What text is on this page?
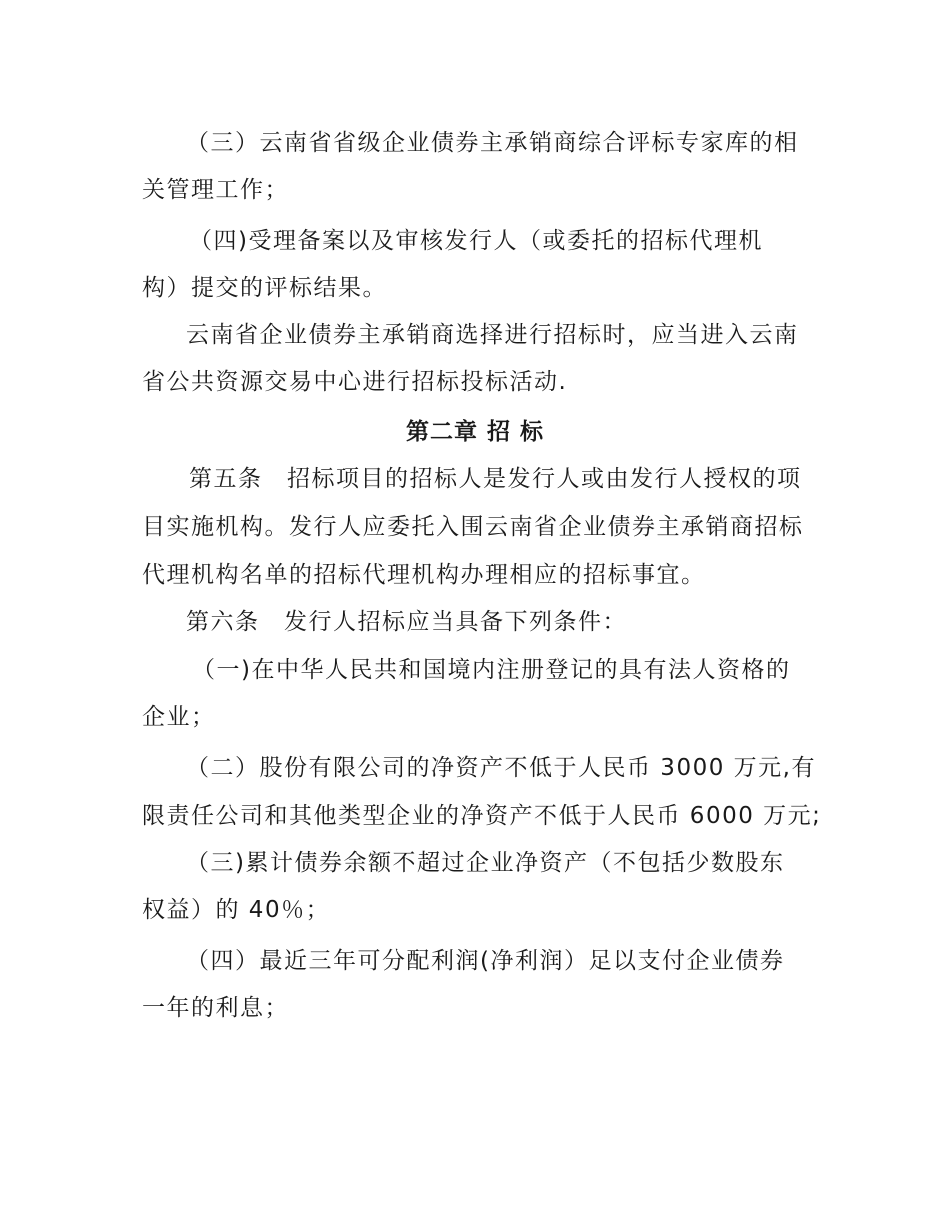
（三）云南省省级企业债券主承销商综合评标专家库的相
关管理工作；
（四)受理备案以及审核发行人（或委托的招标代理机
构）提交的评标结果。
云南省企业债券主承销商选择进行招标时，应当进入云南
省公共资源交易中心进行招标投标活动.
第二章 招 标
第五条　招标项目的招标人是发行人或由发行人授权的项
目实施机构。发行人应委托入围云南省企业债券主承销商招标
代理机构名单的招标代理机构办理相应的招标事宜。
第六条　发行人招标应当具备下列条件：
（一)在中华人民共和国境内注册登记的具有法人资格的
企业；
（二）股份有限公司的净资产不低于人民币 3000 万元,有
限责任公司和其他类型企业的净资产不低于人民币 6000 万元;
（三)累计债券余额不超过企业净资产（不包括少数股东
权益）的 40％；
（四）最近三年可分配利润(净利润）足以支付企业债券
一年的利息；
